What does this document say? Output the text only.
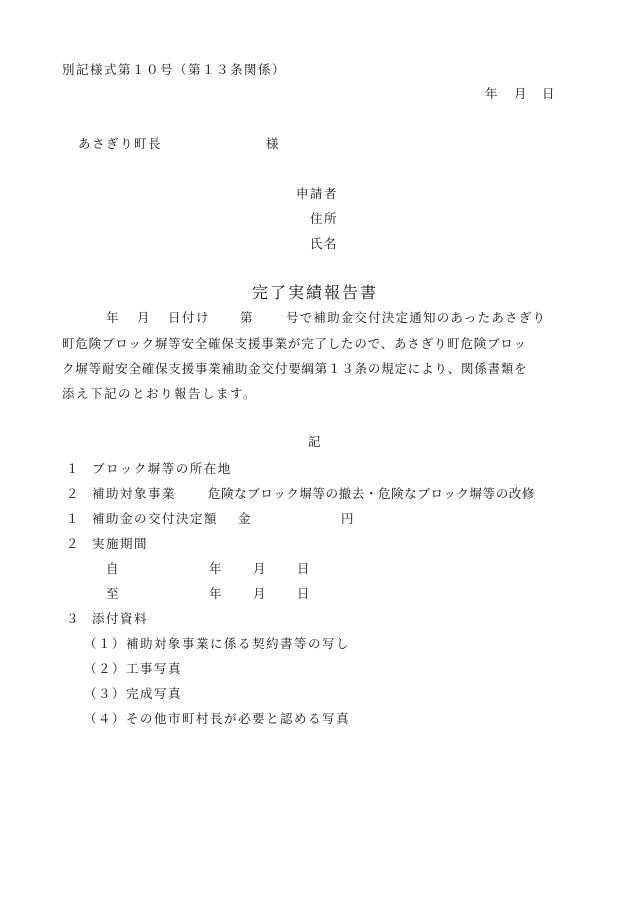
別記様式第１０号（第１３条関係）
年 月 日
あさぎり町長	様
申請者
住所
氏名
完了実績報告書
年 月 日付け 第	号で補助金交付決定通知のあったあさぎり
町危険ブロック塀等安全確保支援事業が完了したので、あさぎり町危険ブロッ
ク塀等耐安全確保支援事業補助金交付要綱第１３条の規定により、関係書類を
添え下記のとおり報告します。
記
１ ブロック塀等の所在地
２ 補助対象事業	危険なブロック塀等の撤去・危険なブロック塀等の改修
１ 補助金の交付決定額 金	円
２ 実施期間
自	年 月 日
至	年 月 日
３ 添付資料
（１）補助対象事業に係る契約書等の写し
（２）工事写真
（３）完成写真
（４）その他市町村長が必要と認める写真
